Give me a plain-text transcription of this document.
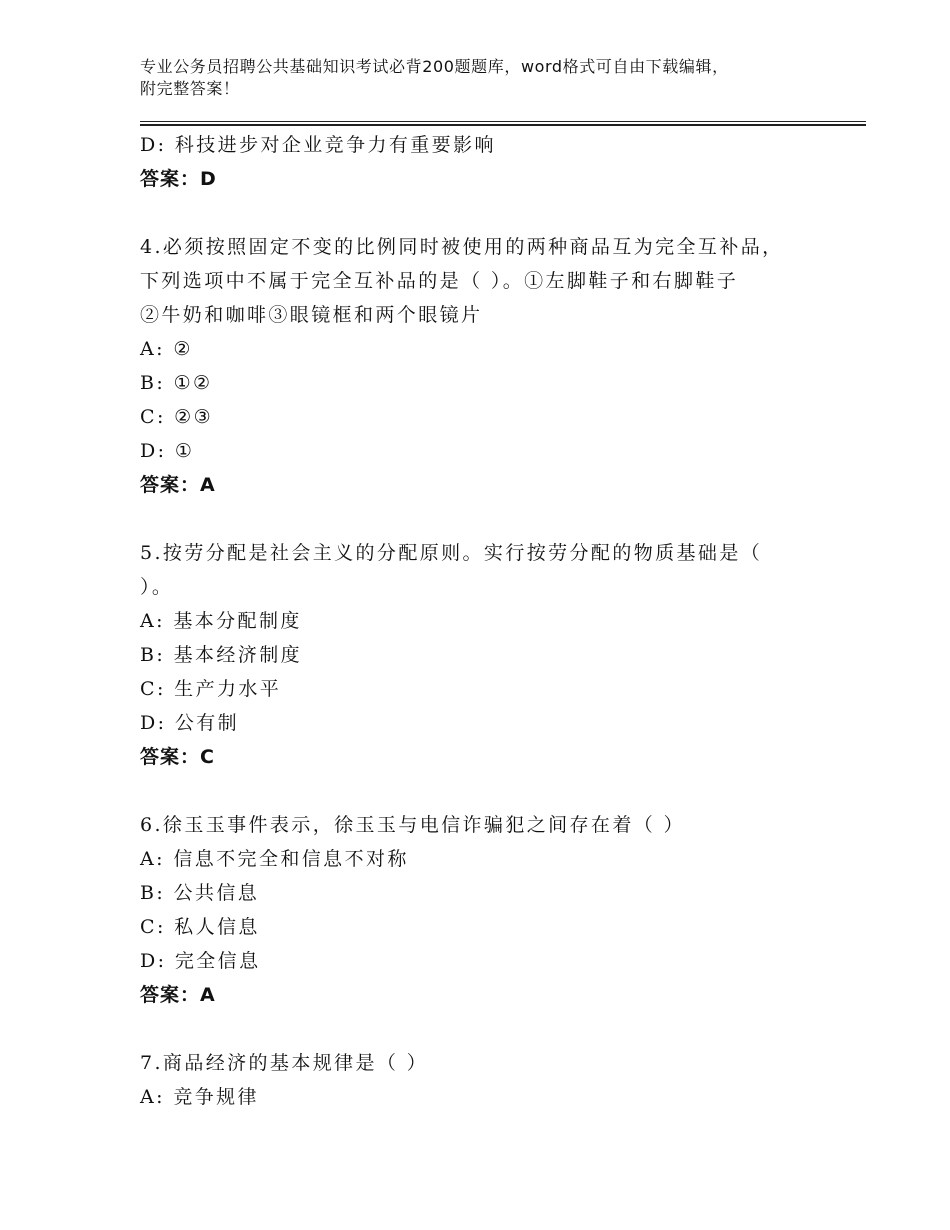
专业公务员招聘公共基础知识考试必背200题题库，word格式可自由下载编辑，
附完整答案！
D: 科技进步对企业竞争力有重要影响
答案：D
4.必须按照固定不变的比例同时被使用的两种商品互为完全互补品，
下列选项中不属于完全互补品的是（ ）。①左脚鞋子和右脚鞋子
②牛奶和咖啡③眼镜框和两个眼镜片
A: ②
B: ①②
C: ②③
D: ①
答案：A
5.按劳分配是社会主义的分配原则。实行按劳分配的物质基础是（
）。
A: 基本分配制度
B: 基本经济制度
C: 生产力水平
D: 公有制
答案：C
6.徐玉玉事件表示，徐玉玉与电信诈骗犯之间存在着（ ）
A: 信息不完全和信息不对称
B: 公共信息
C: 私人信息
D: 完全信息
答案：A
7.商品经济的基本规律是（ ）
A: 竞争规律
